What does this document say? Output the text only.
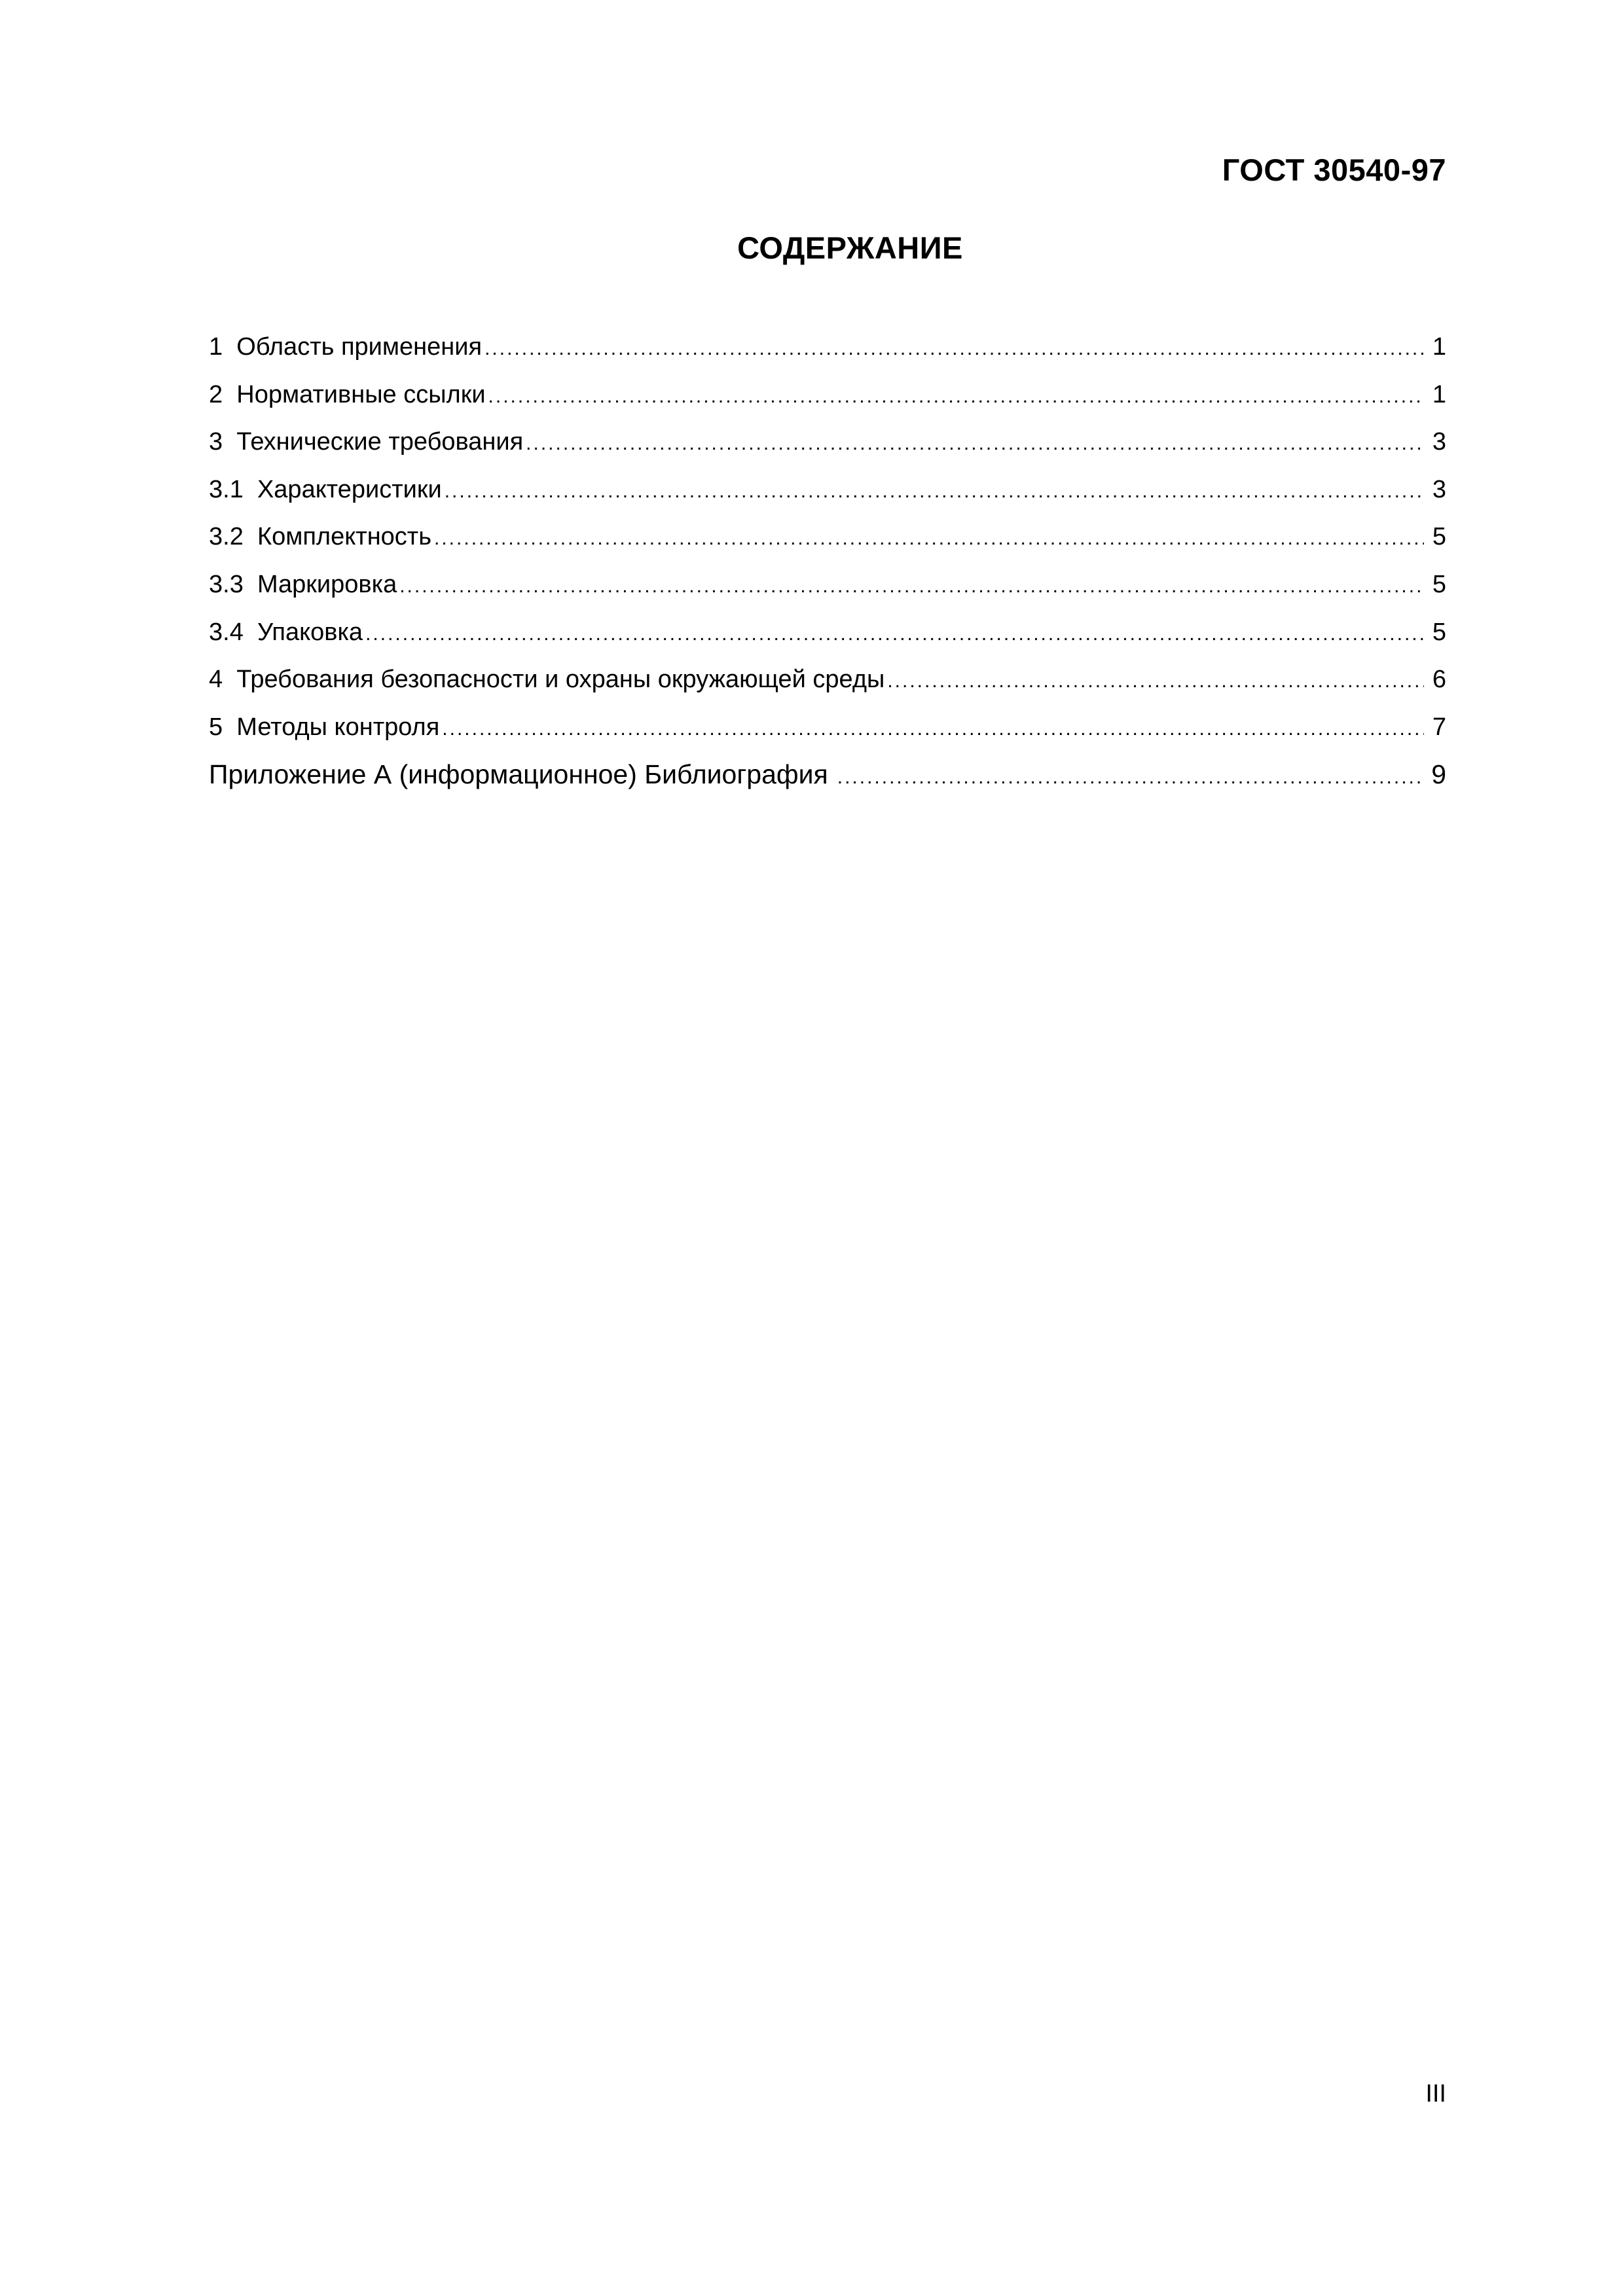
ГОСТ 30540-97
СОДЕРЖАНИЕ
1 Область применения .....	1
2 Нормативные ссылки .....	1
3 Технические требования .....	3
3.1 Характеристики .....	3
3.2 Комплектность .....	5
3.3 Маркировка .....	5
3.4 Упаковка .....	5
4 Требования безопасности и охраны окружающей среды .....	6
5 Методы контроля .....	7
Приложение А (информационное) Библиография .....	9
III
